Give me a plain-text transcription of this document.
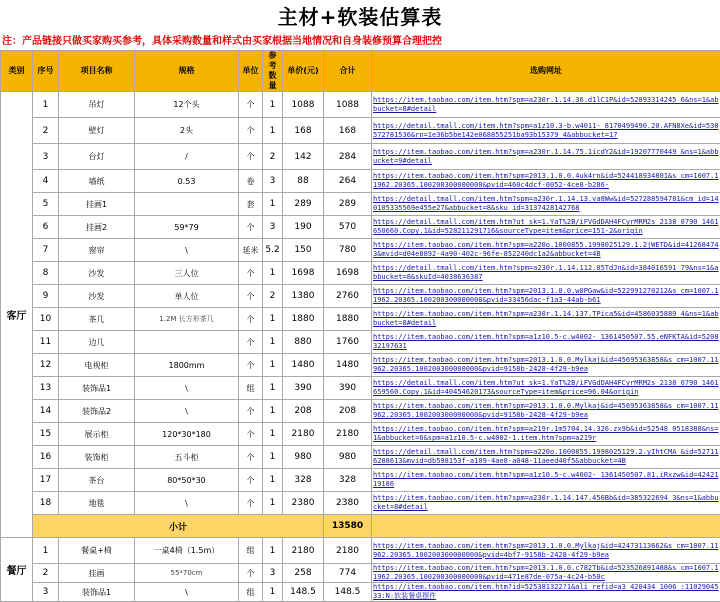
主材+软装估算表
注：产品链接只做买家购买参考，具体采购数量和样式由买家根据当地情况和自身装修预算合理把控
类别	序号	项目名称	规格	单位	参考数量	单价(元)	合计	选购网址
客厅	1	吊灯	12个头	个	1	1088	1088	https://item.taobao.com/item.htm?spm=a230r.1.14.36.d1lC1P&id=52893314245 6&ns=1&abbucket=8#detail

	2	壁灯	2头	个	1	168	168	https://detail.tmall.com/item.htm?spm=a1z10.3-b.w4011- 8170499490.20.AFN8Xe&id=530572781536&rn=1e36b5be142e068855251ba93b15379 4&abbucket=17

	3	台灯	/	个	2	142	284	https://item.taobao.com/item.htm?spm=a230r.1.14.75.1icdY2&id=19207770449 &ns=1&abbucket=9#detail

	4	墙纸	0.53	卷	3	88	264	https://item.taobao.com/item.htm?spm=2013.1.0.0.4uk4rn&id=524418934801&s cm=1007.11962.20365.100200300000000&pvid=460c4dcf-0052-4ce8-b286-

	5	挂画1		套	1	289	289	https://detail.tmall.com/item.htm?spm=a230r.1.14.13.va8Ww&id=527288594781&cm_id=140105335569e455e27&abbucket=8&sku_id=3137428142768

	6	挂画2	59*79	个	3	190	570	https://detail.tmall.com/item.htm?ut_sk=1.YaT%2B/iFVGdDAH4FCyrMRM2s_2138 0790_1461650660.Copy.1&id=528211291716&sourceType=item&price=151-2&origin

	7	窗帘	\	延米	5.2	150	780	https://item.taobao.com/item.htm?spm=a220o.1000855.1998025129.1.2jWETD&id=412684743&mvid=d04e8892-4a90-402c-96fe-852240dc1a2&abbucket=4B

	8	沙发	三人位	个	1	1698	1698	https://detail.tmall.com/item.htm?spm=a230r.1.14.112.05TdJn&id=384016591 79&ns=1&abbucket=8&skuId=4038636387

	9	沙发	单人位	个	2	1380	2760	https://item.taobao.com/item.htm?spm=2013.1.0.0.w0PGaw&id=522991270212&s cm=1007.11962.20365.100200300000000&pvid=33456dac-f1a3-44ab-b61

	10	茶几	1.2M 长方形茶几	个	1	1880	1880	https://item.taobao.com/item.htm?spm=a230r.1.14.137.TPica5&id=4586035889 4&ns=1&abbucket=8#detail

	11	边几		个	1	880	1760	https://item.taobao.com/item.htm?spm=a1z10.5-c.w4002- 1361450507.55.eNFKTA&id=520832197631

	12	电视柜	1800mm	个	1	1480	1480	https://item.taobao.com/item.htm?spm=2013.1.0.0.Mylkaj&id=45695363858&s cm=1007.11962.20365.100200300000000&pvid=9158b-2428-4f29-b9ea

	13	装饰品1	\	组	1	390	390	https://detail.tmall.com/item.htm?ut_sk=1.YaT%2B/iFVGdDAH4FCyrMRM2s_2138 0790_1461659560.Copy.1&id=40454620173&sourceType=item&price=96.04&origin

	14	装饰品2	\	个	1	208	208	https://item.taobao.com/item.htm?spm=2013.1.0.0.Mylkaj&id=45695363858&s cm=1007.11962.20365.100200300000000&pvid=9158b-2428-4f29-b9ea

	15	展示柜	120*30*180	个	1	2180	2180	https://item.taobao.com/item.htm?spm=a219r.1m5704.14.326.zx9b&id=52548 0518388&ns=1&abbucket=6&spm=a1z10.5-c.w4002-1.item.htm?spm=a219r

	16	装饰柜	五斗柜	个	1	980	980	https://detail.tmall.com/item.htm?spm=a220o.1000855.1998025129.2.yIhtCMA &id=527116288613&mvid=db598153f-a109-4ae8-a048-11aeed40f5&abbucket=4B

	17	茶台	80*50*30	个	1	328	328	https://item.taobao.com/item.htm?spm=a1z10.5-c.w4002- 1361450507.81.iRxzw&id=4242119186

	18	地毯	\	个	1	2380	2380	https://item.taobao.com/item.htm?spm=a230r.1.14.147.456Bb&id=385322694 3&ns=1&abbucket=8#detail

	小计						13580	
餐厅	1	餐桌+椅	一桌4椅（1.5m）	组	1	2180	2180	https://item.taobao.com/item.htm?spm=2013.1.0.0.Mylkaj&id=42473113662&s cm=1007.11962.20365.100200300000000&pvid=4bf7-9158b-2428-4f29-b9ea

	2	挂画	55*70cm	个	3	258	774	https://item.taobao.com/item.htm?spm=2013.1.0.0.c782Tb&id=523526891488&s cm=1007.11962.20365.100200300000000&pvid=471e87de-075a-4c24-b50c

	3	装饰品1	\	组	1	148.5	148.5	https://item.taobao.com/item.htm?id=525381322?1&ali_refid=a3_420434_1006 :1102904533:N:软装餐桌摆件
